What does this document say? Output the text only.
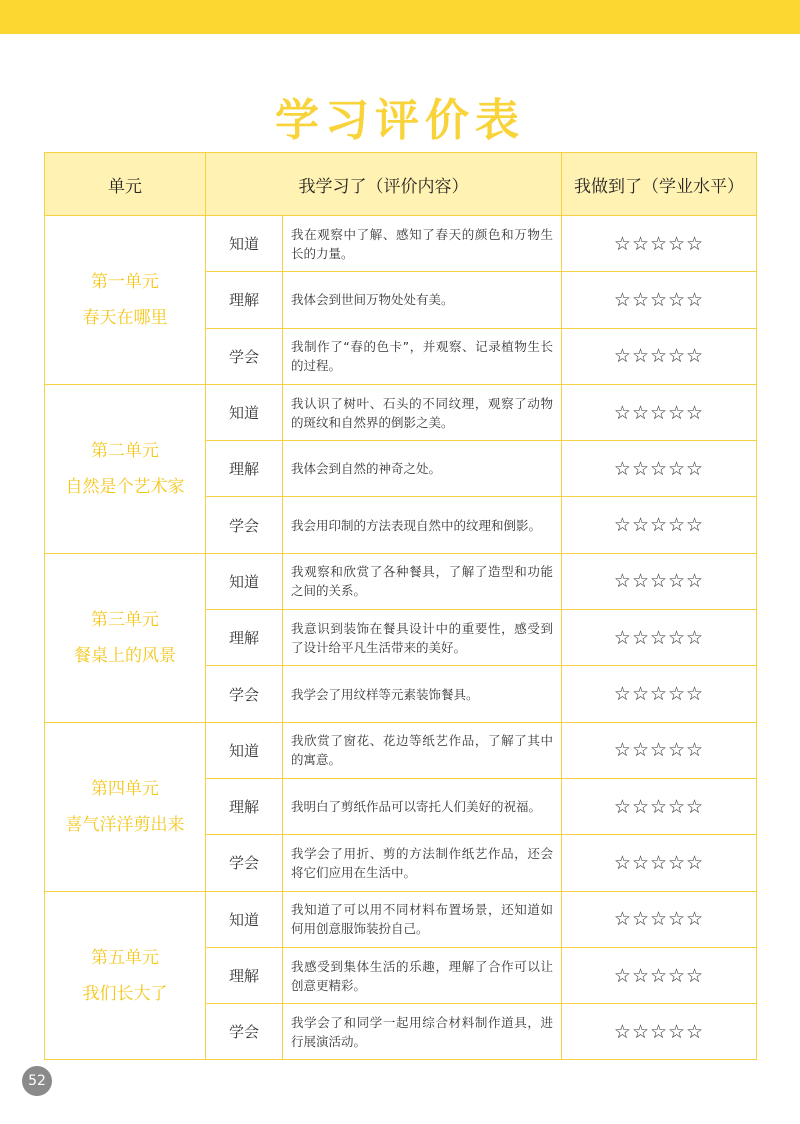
学习评价表
单元	我学习了（评价内容）		我做到了（学业水平）

第一单元
春天在哪里	知道	我在观察中了解、感知了春天的颜色和万物生长的力量。	☆☆☆☆☆
	理解	我体会到世间万物处处有美。	☆☆☆☆☆
	学会	我制作了“春的色卡”，并观察、记录植物生长的过程。	☆☆☆☆☆

第二单元
自然是个艺术家	知道	我认识了树叶、石头的不同纹理，观察了动物的斑纹和自然界的倒影之美。	☆☆☆☆☆
	理解	我体会到自然的神奇之处。	☆☆☆☆☆
	学会	我会用印制的方法表现自然中的纹理和倒影。	☆☆☆☆☆

第三单元
餐桌上的风景	知道	我观察和欣赏了各种餐具，了解了造型和功能之间的关系。	☆☆☆☆☆
	理解	我意识到装饰在餐具设计中的重要性，感受到了设计给平凡生活带来的美好。	☆☆☆☆☆
	学会	我学会了用纹样等元素装饰餐具。	☆☆☆☆☆

第四单元
喜气洋洋剪出来	知道	我欣赏了窗花、花边等纸艺作品，了解了其中的寓意。	☆☆☆☆☆
	理解	我明白了剪纸作品可以寄托人们美好的祝福。	☆☆☆☆☆
	学会	我学会了用折、剪的方法制作纸艺作品，还会将它们应用在生活中。	☆☆☆☆☆

第五单元
我们长大了	知道	我知道了可以用不同材料布置场景，还知道如何用创意服饰装扮自己。	☆☆☆☆☆
	理解	我感受到集体生活的乐趣，理解了合作可以让创意更精彩。	☆☆☆☆☆
	学会	我学会了和同学一起用综合材料制作道具，进行展演活动。	☆☆☆☆☆
52
